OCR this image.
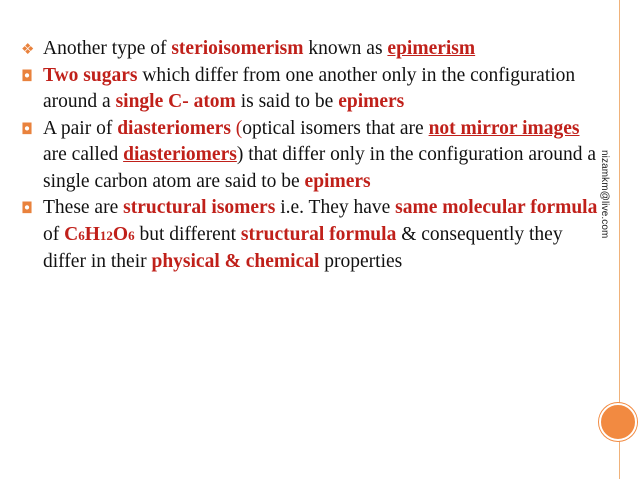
❖ Another type of sterioisomerism known as epimerism
◘ Two sugars which differ from one another only in the configuration around a single C- atom is said to be epimers
◘ A pair of diasteriomers (optical isomers that are not mirror images are called diasteriomers) that differ only in the configuration around a single carbon atom are said to be epimers
◘ These are structural isomers i.e. They have same molecular formula of C6H12O6 but different structural formula & consequently they differ in their physical & chemical properties
nizamkm@live.com
